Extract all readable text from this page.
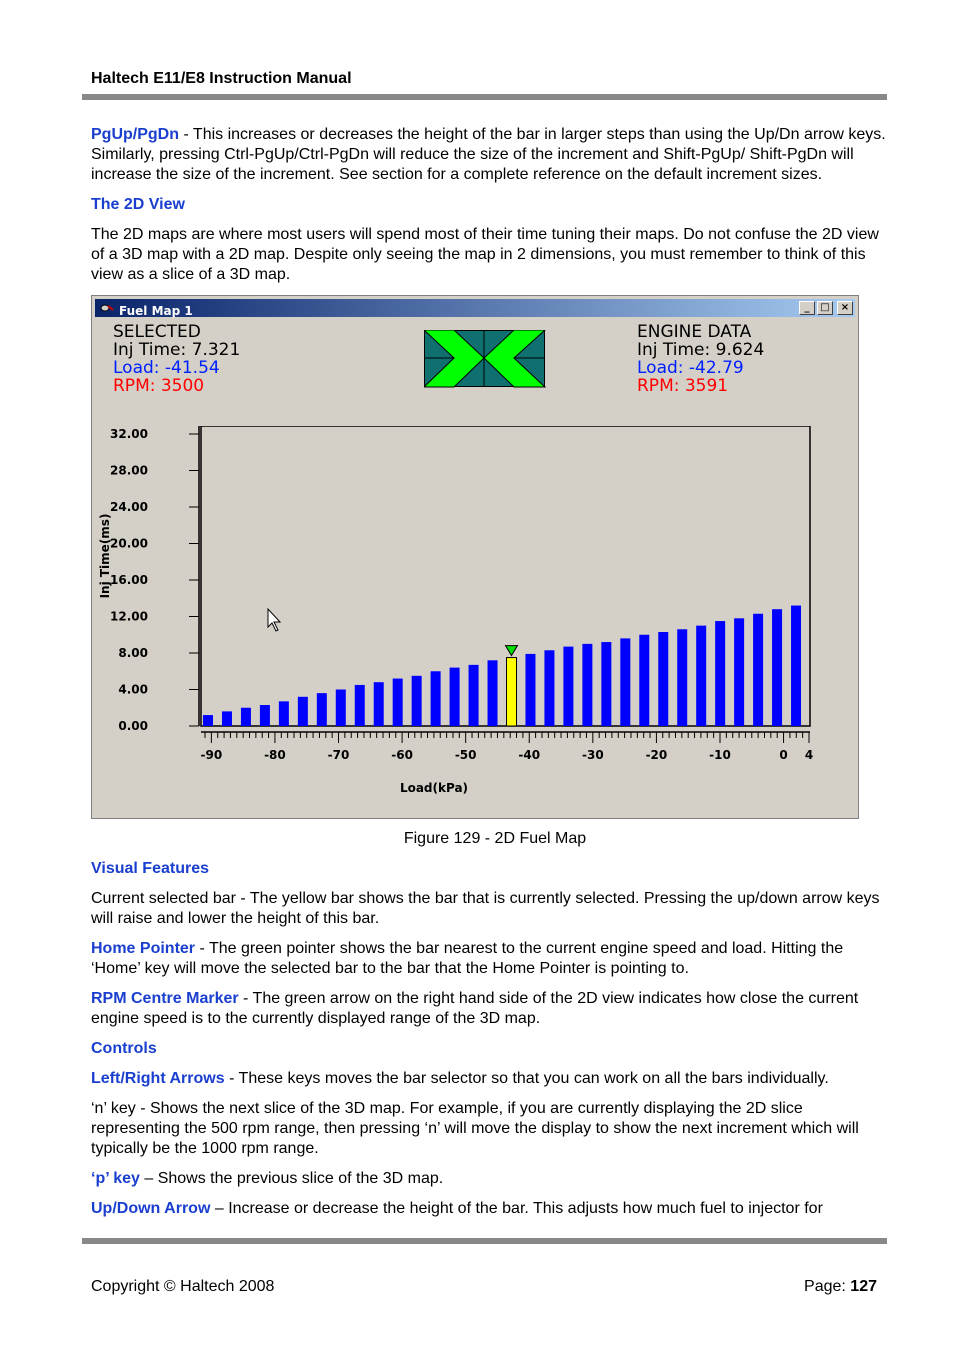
Haltech E11/E8 Instruction Manual

PgUp/PgDn - This increases or decreases the height of the bar in larger steps than using the Up/Dn arrow keys. Similarly, pressing Ctrl-PgUp/Ctrl-PgDn will reduce the size of the increment and Shift-PgUp/ Shift-PgDn will increase the size of the increment. See section for a complete reference on the default increment sizes.

The 2D View

The 2D maps are where most users will spend most of their time tuning their maps. Do not confuse the 2D view of a 3D map with a 2D map. Despite only seeing the map in 2 dimensions, you must remember to think of this view as a slice of a 3D map.

Fuel Map 1	_	□	×
SELECTED
Inj Time: 7.321
Load: -41.54
RPM: 3500
ENGINE DATA
Inj Time: 9.624
Load: -42.79
RPM: 3591
Inj Time(ms)
Load(kPa)
0.00
4.00
8.00
12.00
16.00
20.00
24.00
28.00
32.00
-90	-80	-70	-60	-50	-40	-30	-20	-10	0 4
Figure 129 - 2D Fuel Map
Visual Features

Current selected bar - The yellow bar shows the bar that is currently selected. Pressing the up/down arrow keys will raise and lower the height of this bar.

Home Pointer - The green pointer shows the bar nearest to the current engine speed and load. Hitting the ‘Home’ key will move the selected bar to the bar that the Home Pointer is pointing to.

RPM Centre Marker - The green arrow on the right hand side of the 2D view indicates how close the current engine speed is to the currently displayed range of the 3D map.

Controls

Left/Right Arrows - These keys moves the bar selector so that you can work on all the bars individually.

‘n’ key - Shows the next slice of the 3D map. For example, if you are currently displaying the 2D slice representing the 500 rpm range, then pressing ‘n’ will move the display to show the next increment which will typically be the 1000 rpm range.

‘p’ key – Shows the previous slice of the 3D map.

Up/Down Arrow – Increase or decrease the height of the bar. This adjusts how much fuel to injector for

Copyright © Haltech 2008	Page: 127
